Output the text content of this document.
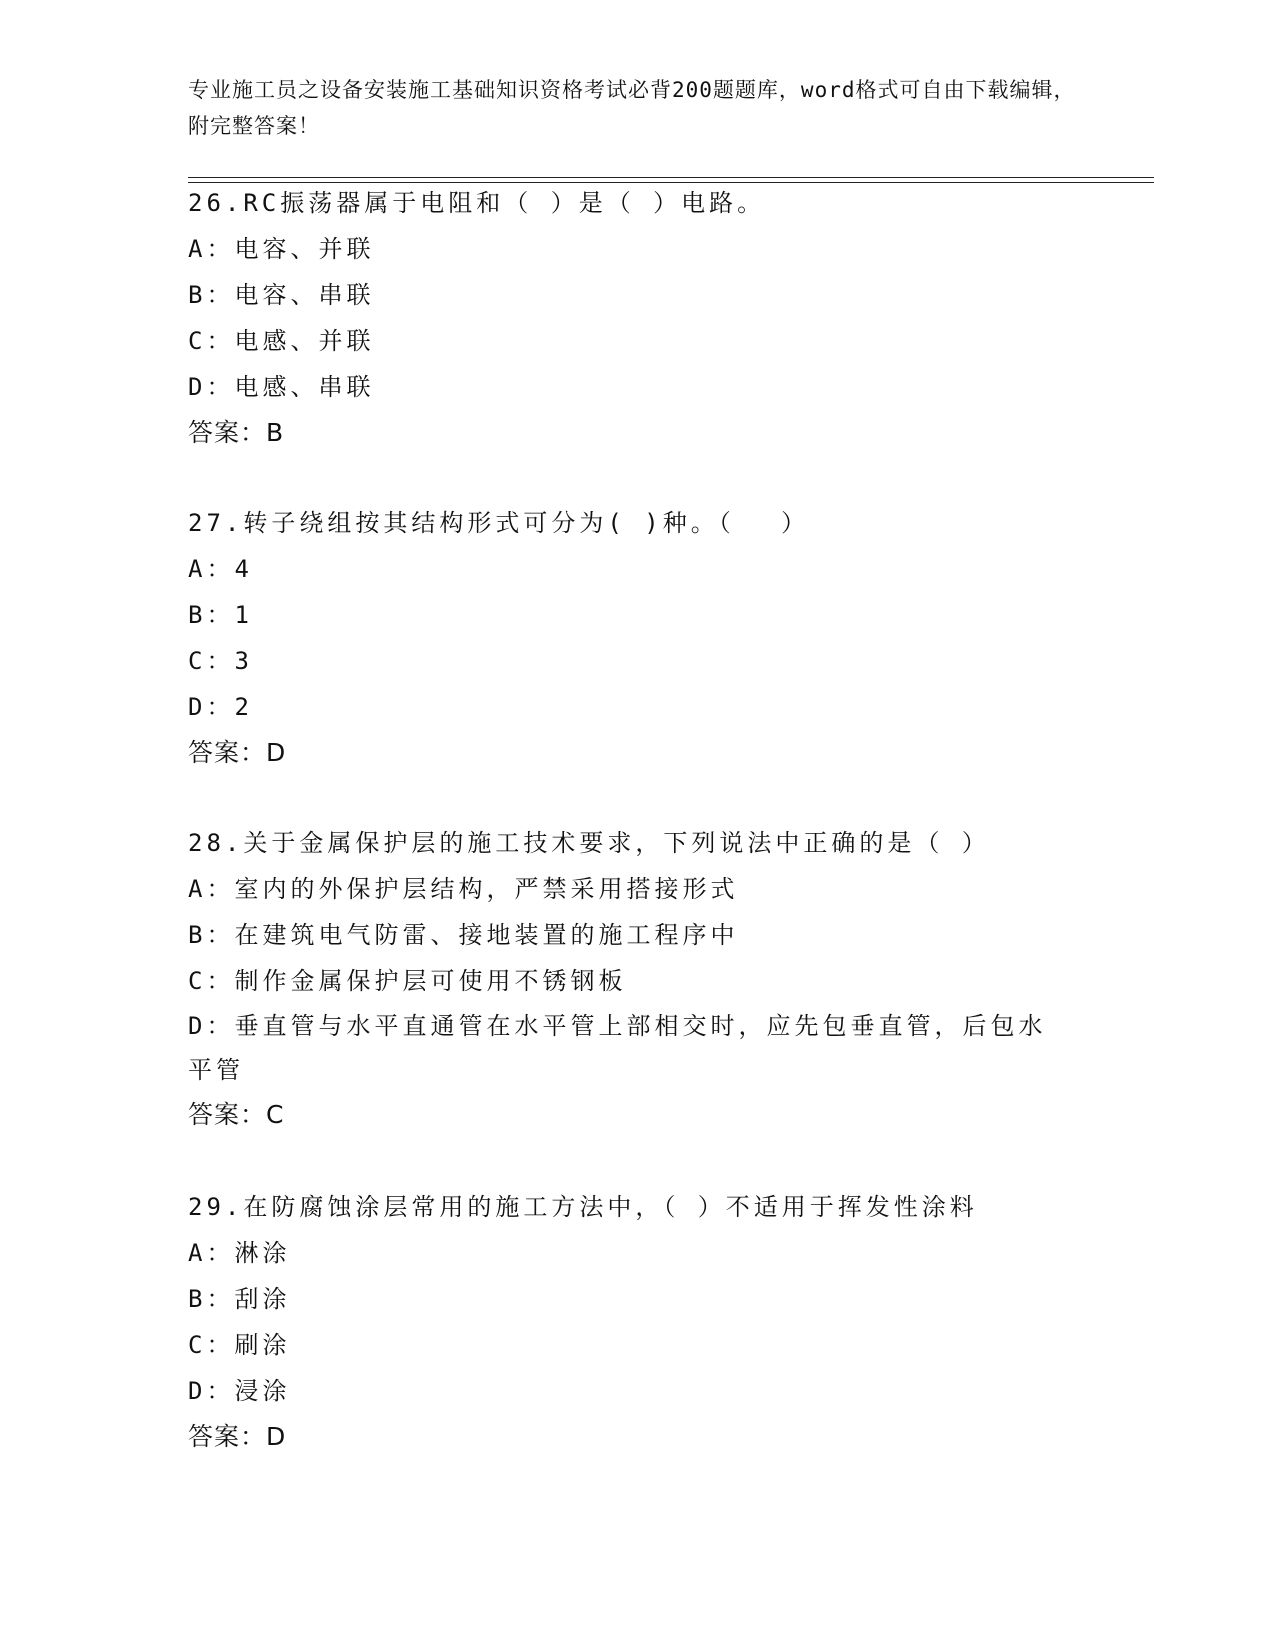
专业施工员之设备安装施工基础知识资格考试必背200题题库，word格式可自由下载编辑，附完整答案！
26.RC振荡器属于电阻和（ ）是（ ）电路。
A：电容、并联
B：电容、串联
C：电感、并联
D：电感、串联
答案：B
27.转子绕组按其结构形式可分为( )种。（　 ）
A：4
B：1
C：3
D：2
答案：D
28.关于金属保护层的施工技术要求，下列说法中正确的是（ ）
A：室内的外保护层结构，严禁采用搭接形式
B：在建筑电气防雷、接地装置的施工程序中
C：制作金属保护层可使用不锈钢板
D：垂直管与水平直通管在水平管上部相交时，应先包垂直管，后包水平管
答案：C
29.在防腐蚀涂层常用的施工方法中，（ ）不适用于挥发性涂料
A：淋涂
B：刮涂
C：刷涂
D：浸涂
答案：D
